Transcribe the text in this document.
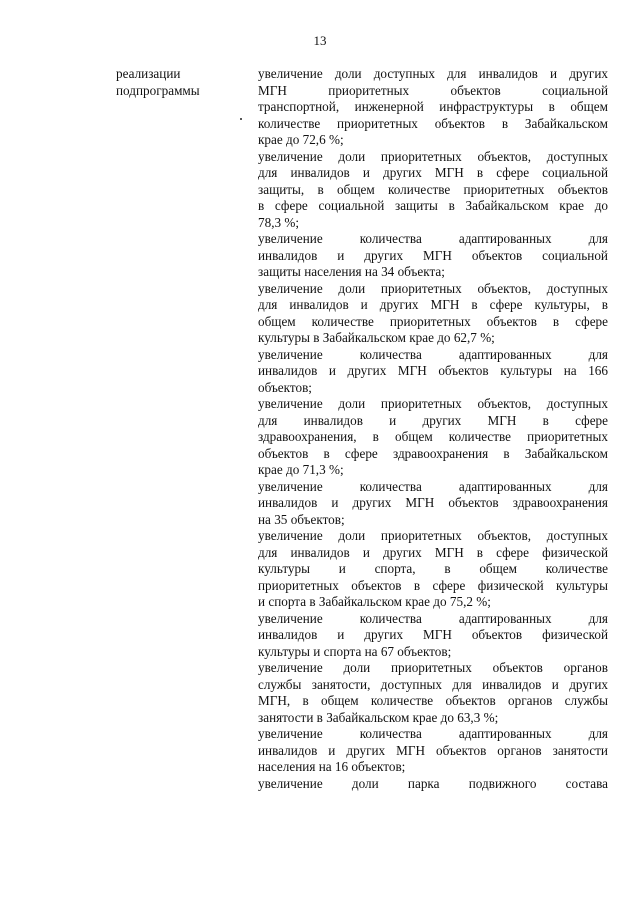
13
реализации
подпрограммы
увеличение доли доступных для инвалидов и других
МГН приоритетных объектов социальной
транспортной, инженерной инфраструктуры в общем
количестве приоритетных объектов в Забайкальском
крае до 72,6 %;
увеличение доли приоритетных объектов, доступных
для инвалидов и других МГН в сфере социальной
защиты, в общем количестве приоритетных объектов
в сфере социальной защиты в Забайкальском крае до
78,3 %;
увеличение количества адаптированных для
инвалидов и других МГН объектов социальной
защиты населения на 34 объекта;
увеличение доли приоритетных объектов, доступных
для инвалидов и других МГН в сфере культуры, в
общем количестве приоритетных объектов в сфере
культуры в Забайкальском крае до 62,7 %;
увеличение количества адаптированных для
инвалидов и других МГН объектов культуры на 166
объектов;
увеличение доли приоритетных объектов, доступных
для инвалидов и других МГН в сфере
здравоохранения, в общем количестве приоритетных
объектов в сфере здравоохранения в Забайкальском
крае до 71,3 %;
увеличение количества адаптированных для
инвалидов и других МГН объектов здравоохранения
на 35 объектов;
увеличение доли приоритетных объектов, доступных
для инвалидов и других МГН в сфере физической
культуры и спорта, в общем количестве
приоритетных объектов в сфере физической культуры
и спорта в Забайкальском крае до 75,2 %;
увеличение количества адаптированных для
инвалидов и других МГН объектов физической
культуры и спорта на 67 объектов;
увеличение доли приоритетных объектов органов
службы занятости, доступных для инвалидов и других
МГН, в общем количестве объектов органов службы
занятости в Забайкальском крае до 63,3 %;
увеличение количества адаптированных для
инвалидов и других МГН объектов органов занятости
населения на 16 объектов;
увеличение доли парка подвижного состава
